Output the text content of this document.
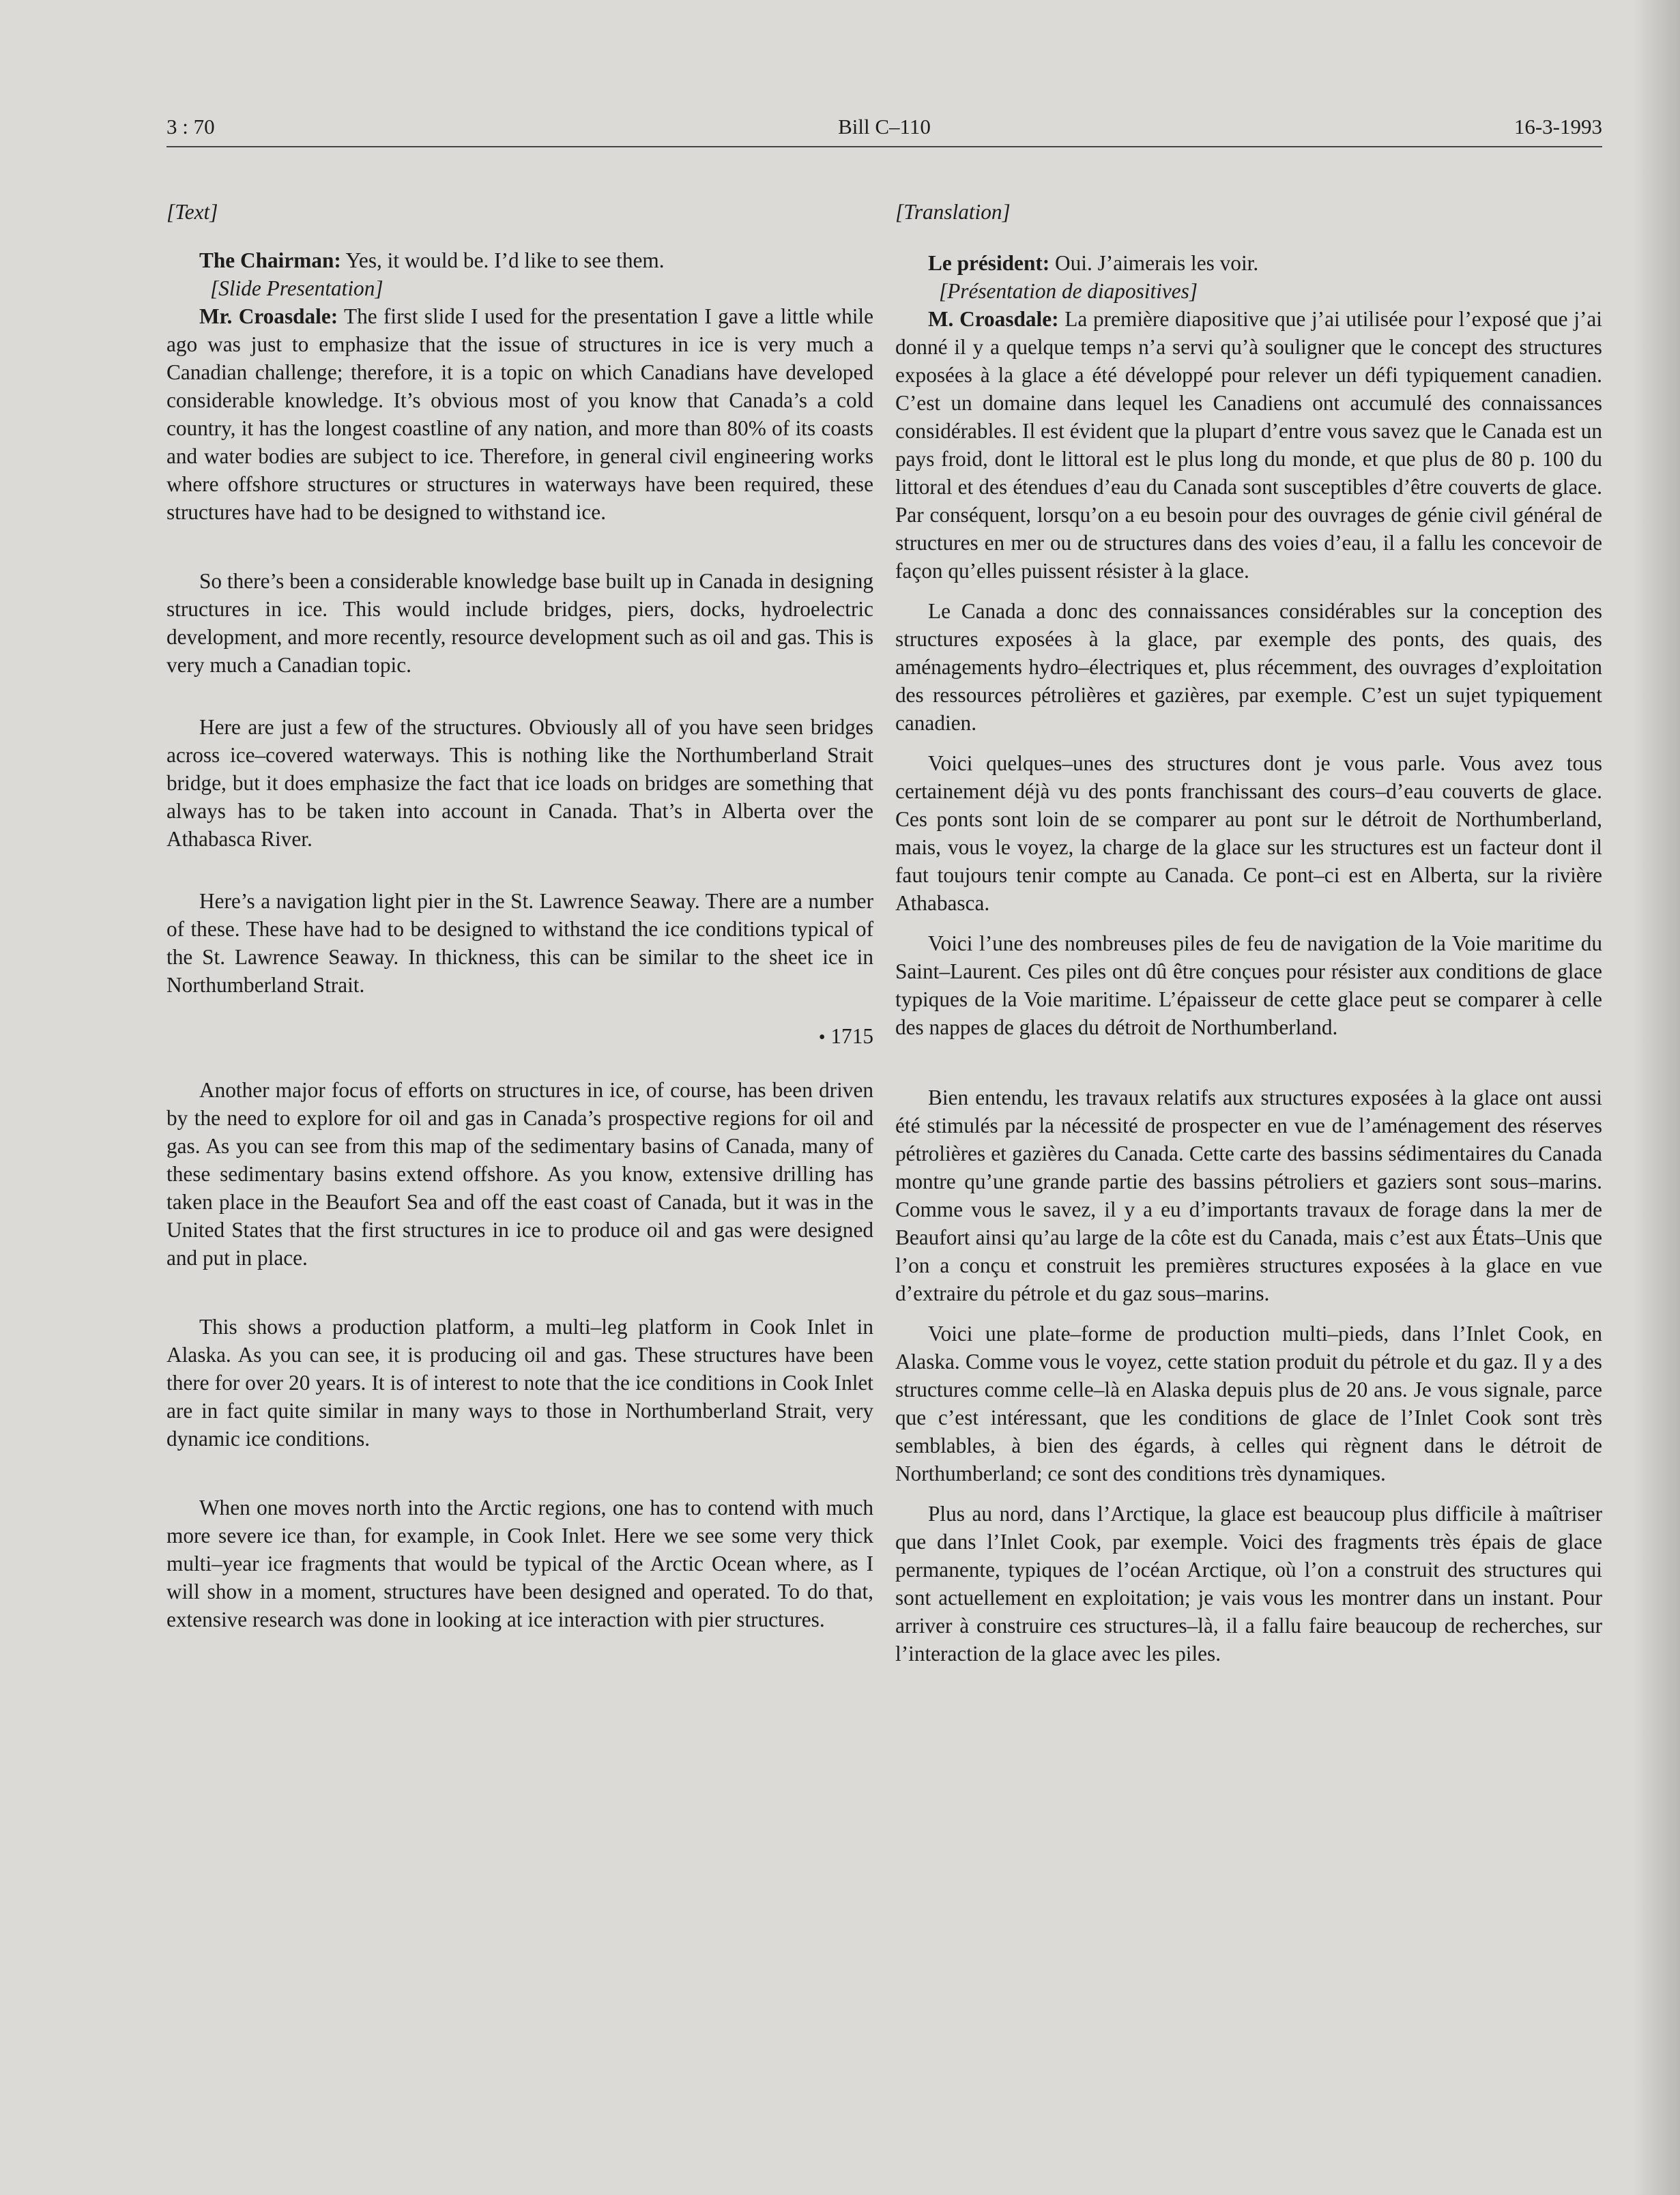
3 : 70	Bill C–110	16-3-1993

[Text]

The Chairman: Yes, it would be. I’d like to see them.

[Slide Presentation]

Mr. Croasdale: The first slide I used for the presentation I gave a little while ago was just to emphasize that the issue of structures in ice is very much a Canadian challenge; therefore, it is a topic on which Canadians have developed considerable knowledge. It’s obvious most of you know that Canada’s a cold country, it has the longest coastline of any nation, and more than 80% of its coasts and water bodies are subject to ice. Therefore, in general civil engineering works where offshore structures or structures in waterways have been required, these structures have had to be designed to withstand ice.

So there’s been a considerable knowledge base built up in Canada in designing structures in ice. This would include bridges, piers, docks, hydroelectric development, and more recently, resource development such as oil and gas. This is very much a Canadian topic.

Here are just a few of the structures. Obviously all of you have seen bridges across ice–covered waterways. This is nothing like the Northumberland Strait bridge, but it does emphasize the fact that ice loads on bridges are something that always has to be taken into account in Canada. That’s in Alberta over the Athabasca River.

Here’s a navigation light pier in the St. Lawrence Seaway. There are a number of these. These have had to be designed to withstand the ice conditions typical of the St. Lawrence Seaway. In thickness, this can be similar to the sheet ice in Northumberland Strait.

• 1715

Another major focus of efforts on structures in ice, of course, has been driven by the need to explore for oil and gas in Canada’s prospective regions for oil and gas. As you can see from this map of the sedimentary basins of Canada, many of these sedimentary basins extend offshore. As you know, extensive drilling has taken place in the Beaufort Sea and off the east coast of Canada, but it was in the United States that the first structures in ice to produce oil and gas were designed and put in place.

This shows a production platform, a multi–leg platform in Cook Inlet in Alaska. As you can see, it is producing oil and gas. These structures have been there for over 20 years. It is of interest to note that the ice conditions in Cook Inlet are in fact quite similar in many ways to those in Northumberland Strait, very dynamic ice conditions.

When one moves north into the Arctic regions, one has to contend with much more severe ice than, for example, in Cook Inlet. Here we see some very thick multi–year ice fragments that would be typical of the Arctic Ocean where, as I will show in a moment, structures have been designed and operated. To do that, extensive research was done in looking at ice interaction with pier structures.

[Translation]

Le président: Oui. J’aimerais les voir.

[Présentation de diapositives]

M. Croasdale: La première diapositive que j’ai utilisée pour l’exposé que j’ai donné il y a quelque temps n’a servi qu’à souligner que le concept des structures exposées à la glace a été développé pour relever un défi typiquement canadien. C’est un domaine dans lequel les Canadiens ont accumulé des connaissances considérables. Il est évident que la plupart d’entre vous savez que le Canada est un pays froid, dont le littoral est le plus long du monde, et que plus de 80 p. 100 du littoral et des étendues d’eau du Canada sont susceptibles d’être couverts de glace. Par conséquent, lorsqu’on a eu besoin pour des ouvrages de génie civil général de structures en mer ou de structures dans des voies d’eau, il a fallu les concevoir de façon qu’elles puissent résister à la glace.

Le Canada a donc des connaissances considérables sur la conception des structures exposées à la glace, par exemple des ponts, des quais, des aménagements hydro–électriques et, plus récemment, des ouvrages d’exploitation des ressources pétrolières et gazières, par exemple. C’est un sujet typiquement canadien.

Voici quelques–unes des structures dont je vous parle. Vous avez tous certainement déjà vu des ponts franchissant des cours–d’eau couverts de glace. Ces ponts sont loin de se comparer au pont sur le détroit de Northumberland, mais, vous le voyez, la charge de la glace sur les structures est un facteur dont il faut toujours tenir compte au Canada. Ce pont–ci est en Alberta, sur la rivière Athabasca.

Voici l’une des nombreuses piles de feu de navigation de la Voie maritime du Saint–Laurent. Ces piles ont dû être conçues pour résister aux conditions de glace typiques de la Voie maritime. L’épaisseur de cette glace peut se comparer à celle des nappes de glaces du détroit de Northumberland.

Bien entendu, les travaux relatifs aux structures exposées à la glace ont aussi été stimulés par la nécessité de prospecter en vue de l’aménagement des réserves pétrolières et gazières du Canada. Cette carte des bassins sédimentaires du Canada montre qu’une grande partie des bassins pétroliers et gaziers sont sous–marins. Comme vous le savez, il y a eu d’importants travaux de forage dans la mer de Beaufort ainsi qu’au large de la côte est du Canada, mais c’est aux États–Unis que l’on a conçu et construit les premières structures exposées à la glace en vue d’extraire du pétrole et du gaz sous–marins.

Voici une plate–forme de production multi–pieds, dans l’Inlet Cook, en Alaska. Comme vous le voyez, cette station produit du pétrole et du gaz. Il y a des structures comme celle–là en Alaska depuis plus de 20 ans. Je vous signale, parce que c’est intéressant, que les conditions de glace de l’Inlet Cook sont très semblables, à bien des égards, à celles qui règnent dans le détroit de Northumberland; ce sont des conditions très dynamiques.

Plus au nord, dans l’Arctique, la glace est beaucoup plus difficile à maîtriser que dans l’Inlet Cook, par exemple. Voici des fragments très épais de glace permanente, typiques de l’océan Arctique, où l’on a construit des structures qui sont actuellement en exploitation; je vais vous les montrer dans un instant. Pour arriver à construire ces structures–là, il a fallu faire beaucoup de recherches, sur l’interaction de la glace avec les piles.
